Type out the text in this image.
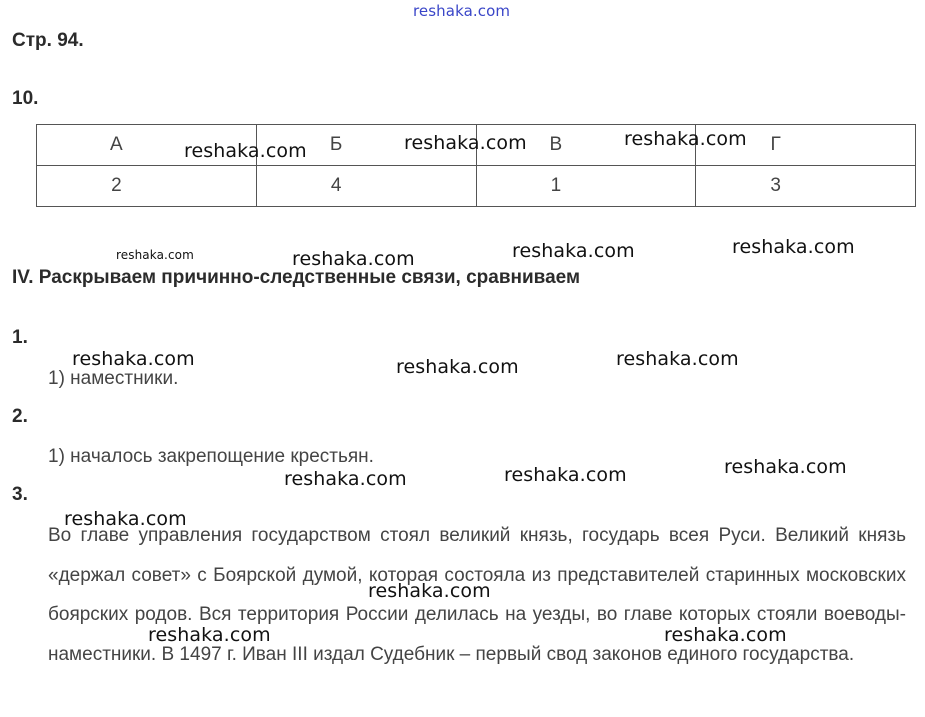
reshaka.com
Стр. 94.
10.
А	Б	В	Г
2	4	1	3
IV. Раскрываем причинно-следственные связи, сравниваем
1.
1) наместники.
2.
1) началось закрепощение крестьян.
3.
Во главе управления государством стоял великий князь, государь всея Руси. Великий князь «держал совет» с Боярской думой, которая состояла из представителей старинных московских боярских родов. Вся территория России делилась на уезды, во главе которых стояли воеводы-наместники. В 1497 г. Иван III издал Судебник – первый свод законов единого государства.
reshaka.com	reshaka.com	reshaka.com
reshaka.com	reshaka.com	reshaka.com	reshaka.com
reshaka.com	reshaka.com	reshaka.com
reshaka.com	reshaka.com	reshaka.com
reshaka.com
reshaka.com
reshaka.com	reshaka.com
